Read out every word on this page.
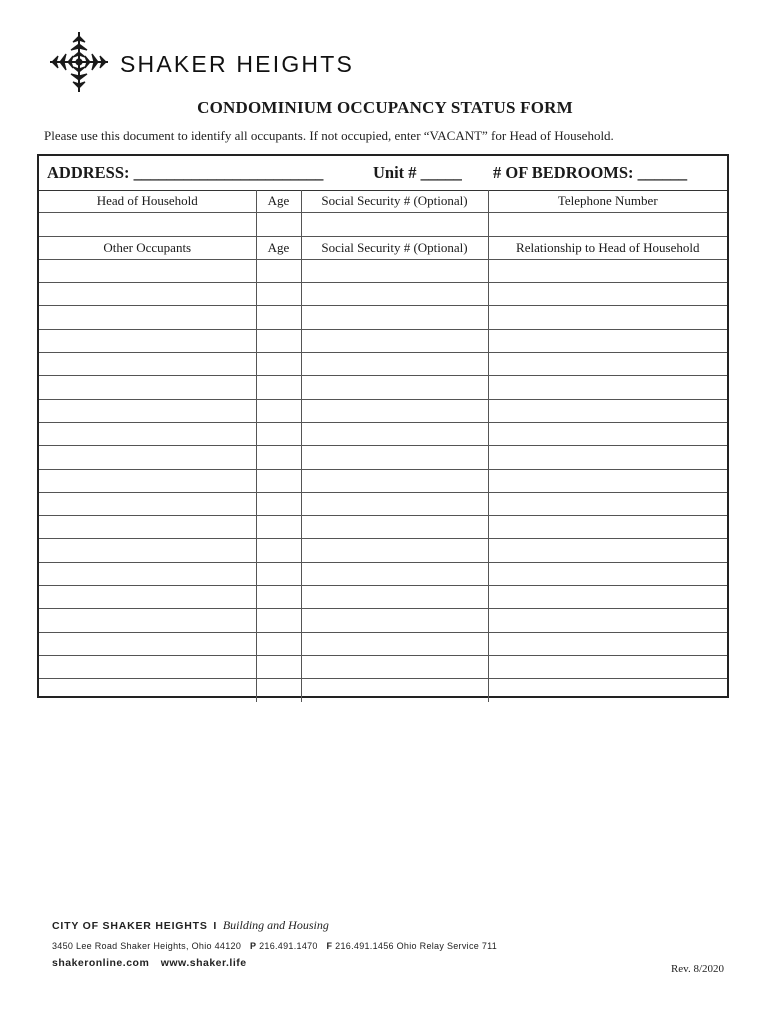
SHAKER HEIGHTS
CONDOMINIUM OCCUPANCY STATUS FORM
Please use this document to identify all occupants. If not occupied, enter “VACANT” for Head of Household.
ADDRESS: _______________________	Unit # _____ # OF BEDROOMS: ______
Head of Household	Age	Social Security # (Optional)	Telephone Number

Other Occupants	Age	Social Security # (Optional)	Relationship to Head of Household

CITY OF SHAKER HEIGHTS I Building and Housing
3450 Lee Road Shaker Heights, Ohio 44120 P 216.491.1470 F 216.491.1456 Ohio Relay Service 711
shakeronline.com www.shaker.life	Rev. 8/2020
